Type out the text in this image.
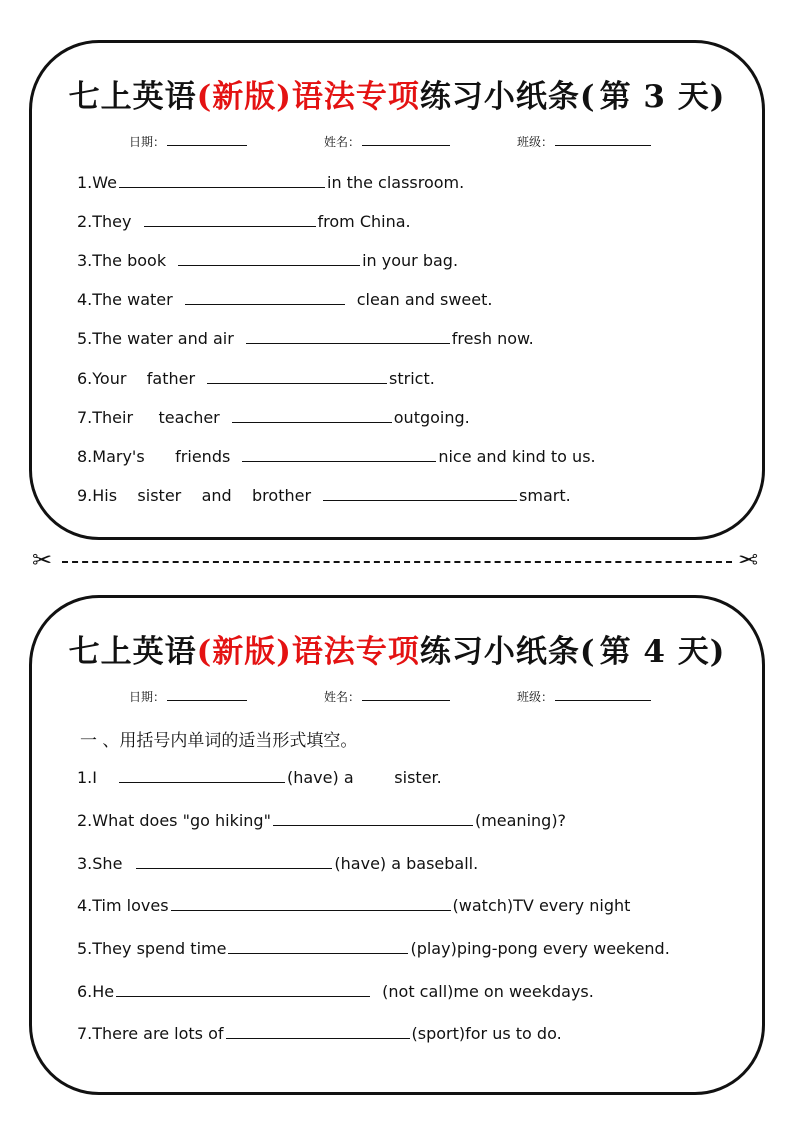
七上英语(新版)语法专项练习小纸条( 第 3 天)
日期：	姓名：	班级：
1.We	in the classroom.
2.They	from China.
3.The book	in your bag.
4.The water	clean and sweet.
5.The water and air	fresh now.
6.Your    father	strict.
7.Their     teacher	outgoing.
8.Mary's      friends	nice and kind to us.
9.His    sister    and    brother	smart.
✂	✂
七上英语(新版)语法专项练习小纸条( 第 4 天)
日期：	姓名：	班级：
一 、用括号内单词的适当形式填空。
1.I	(have) a        sister.
2.What does "go hiking"	(meaning)?
3.She	(have) a baseball.
4.Tim loves	(watch)TV every night
5.They spend time	(play)ping-pong every weekend.
6.He	(not call)me on weekdays.
7.There are lots of	(sport)for us to do.
